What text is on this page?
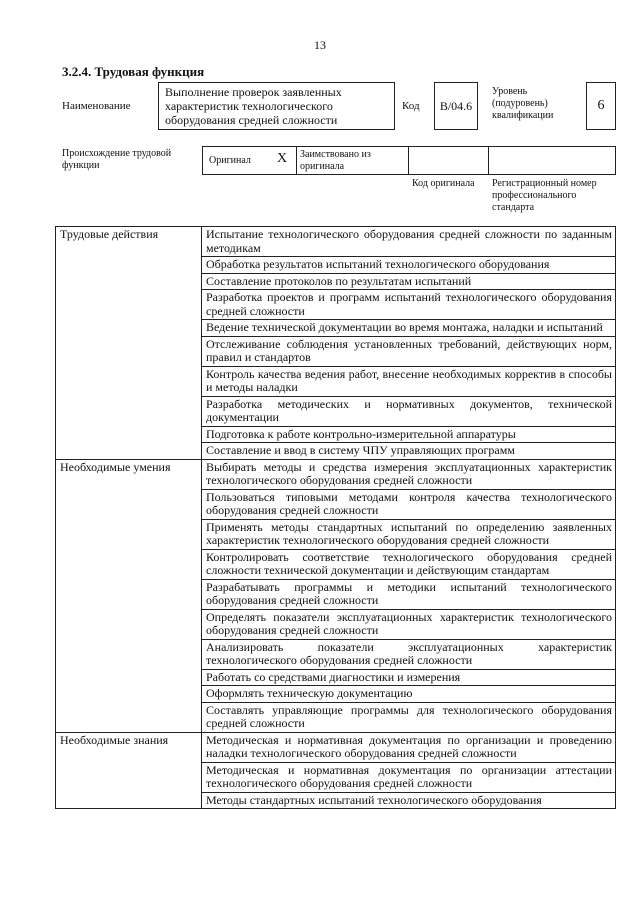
13
3.2.4. Трудовая функция
Наименование
Выполнение проверок заявленных характеристик технологического оборудования средней сложности
Код	В/04.6
Уровень (подуровень) квалификации
6
Происхождение трудовой функции	Оригинал X	Заимствовано из оригинала
Код оригинала Регистрационный номер профессионального стандарта
Трудовые действия	Испытание технологического оборудования средней сложности по заданным методикам
	Обработка результатов испытаний технологического оборудования
	Составление протоколов по результатам испытаний
	Разработка проектов и программ испытаний технологического оборудования средней сложности
	Ведение технической документации во время монтажа, наладки и испытаний
	Отслеживание соблюдения установленных требований, действующих норм, правил и стандартов
	Контроль качества ведения работ, внесение необходимых корректив в способы и методы наладки
	Разработка методических и нормативных документов, технической документации
	Подготовка к работе контрольно-измерительной аппаратуры
	Составление и ввод в систему ЧПУ управляющих программ
Необходимые умения	Выбирать методы и средства измерения эксплуатационных характеристик технологического оборудования средней сложности
	Пользоваться типовыми методами контроля качества технологического оборудования средней сложности
	Применять методы стандартных испытаний по определению заявленных характеристик технологического оборудования средней сложности
	Контролировать соответствие технологического оборудования средней сложности технической документации и действующим стандартам
	Разрабатывать программы и методики испытаний технологического оборудования средней сложности
	Определять показатели эксплуатационных характеристик технологического оборудования средней сложности
	Анализировать показатели эксплуатационных характеристик технологического оборудования средней сложности
	Работать со средствами диагностики и измерения
	Оформлять техническую документацию
	Составлять управляющие программы для технологического оборудования средней сложности
Необходимые знания	Методическая и нормативная документация по организации и проведению наладки технологического оборудования средней сложности
	Методическая и нормативная документация по организации аттестации технологического оборудования средней сложности
	Методы стандартных испытаний технологического оборудования
